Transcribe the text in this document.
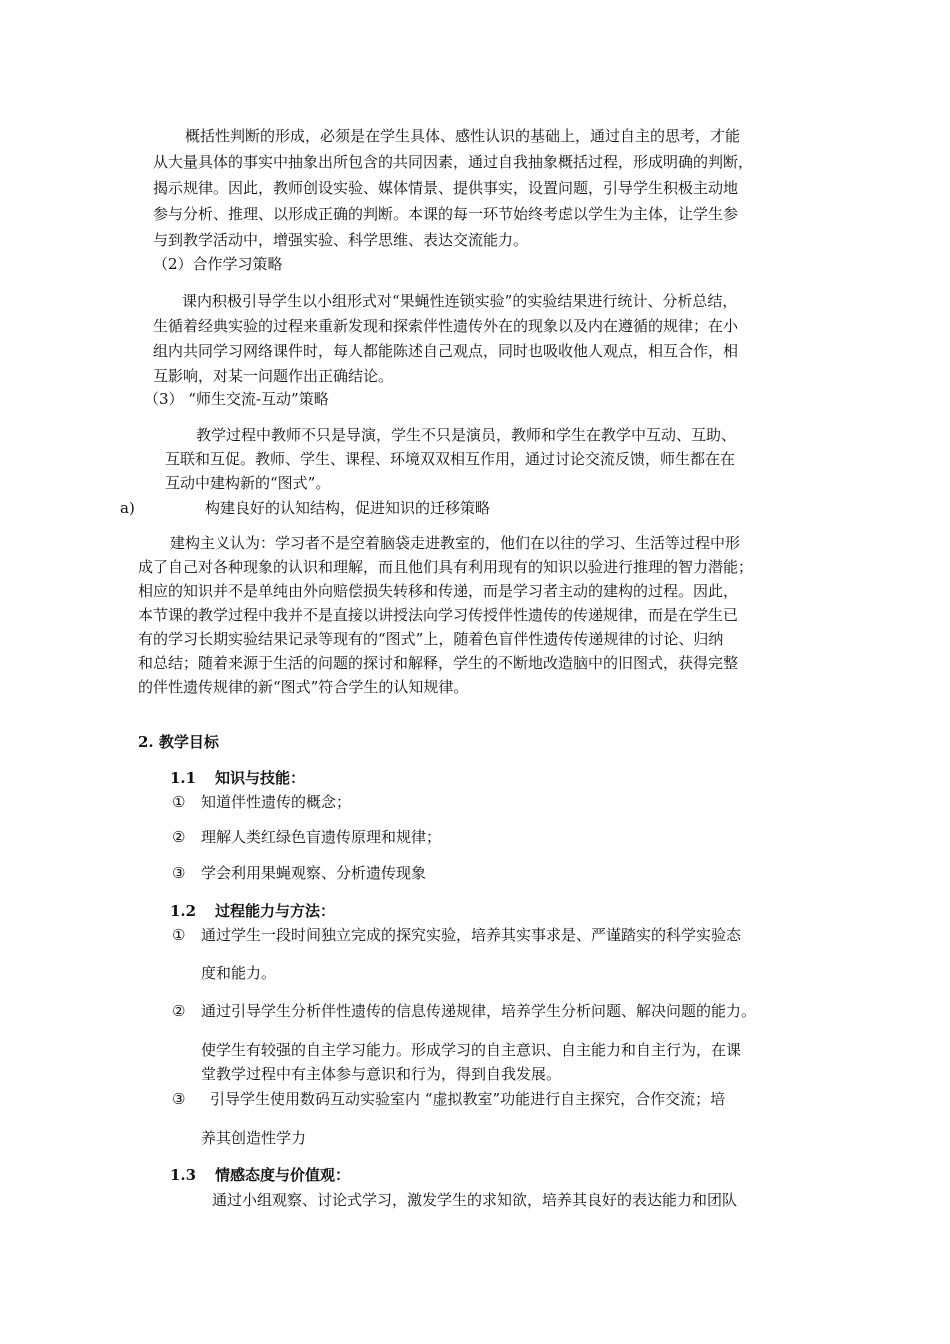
概括性判断的形成，必须是在学生具体、感性认识的基础上，通过自主的思考，才能
从大量具体的事实中抽象出所包含的共同因素，通过自我抽象概括过程，形成明确的判断，
揭示规律。因此，教师创设实验、媒体情景、提供事实，设置问题，引导学生积极主动地
参与分析、推理、以形成正确的判断。本课的每一环节始终考虑以学生为主体，让学生参
与到教学活动中，增强实验、科学思维、表达交流能力。
（2）合作学习策略
课内积极引导学生以小组形式对“果蝇性连锁实验”的实验结果进行统计、分析总结，
生循着经典实验的过程来重新发现和探索伴性遗传外在的现象以及内在遵循的规律；在小
组内共同学习网络课件时，每人都能陈述自己观点，同时也吸收他人观点，相互合作，相
互影响，对某一问题作出正确结论。
（3） “师生交流-互动”策略
教学过程中教师不只是导演，学生不只是演员，教师和学生在教学中互动、互助、
互联和互促。教师、学生、课程、环境双双相互作用，通过讨论交流反馈，师生都在在
互动中建构新的“图式”。
a)	构建良好的认知结构，促进知识的迁移策略
建构主义认为：学习者不是空着脑袋走进教室的，他们在以往的学习、生活等过程中形
成了自己对各种现象的认识和理解，而且他们具有利用现有的知识以验进行推理的智力潜能；
相应的知识并不是单纯由外向赔偿损失转移和传递，而是学习者主动的建构的过程。因此，
本节课的教学过程中我并不是直接以讲授法向学习传授伴性遗传的传递规律，而是在学生已
有的学习长期实验结果记录等现有的“图式”上，随着色盲伴性遗传传递规律的讨论、归纳
和总结；随着来源于生活的问题的探讨和解释，学生的不断地改造脑中的旧图式，获得完整
的伴性遗传规律的新“图式”符合学生的认知规律。
2. 教学目标
1.1 知识与技能：
① 知道伴性遗传的概念；
② 理解人类红绿色盲遗传原理和规律；
③ 学会利用果蝇观察、分析遗传现象
1.2 过程能力与方法：
① 通过学生一段时间独立完成的探究实验，培养其实事求是、严谨踏实的科学实验态
度和能力。
② 通过引导学生分析伴性遗传的信息传递规律，培养学生分析问题、解决问题的能力。
使学生有较强的自主学习能力。形成学习的自主意识、自主能力和自主行为，在课
堂教学过程中有主体参与意识和行为，得到自我发展。
③ 引导学生使用数码互动实验室内 “虚拟教室”功能进行自主探究，合作交流；培
养其创造性学力
1.3 情感态度与价值观：
通过小组观察、讨论式学习，激发学生的求知欲，培养其良好的表达能力和团队
